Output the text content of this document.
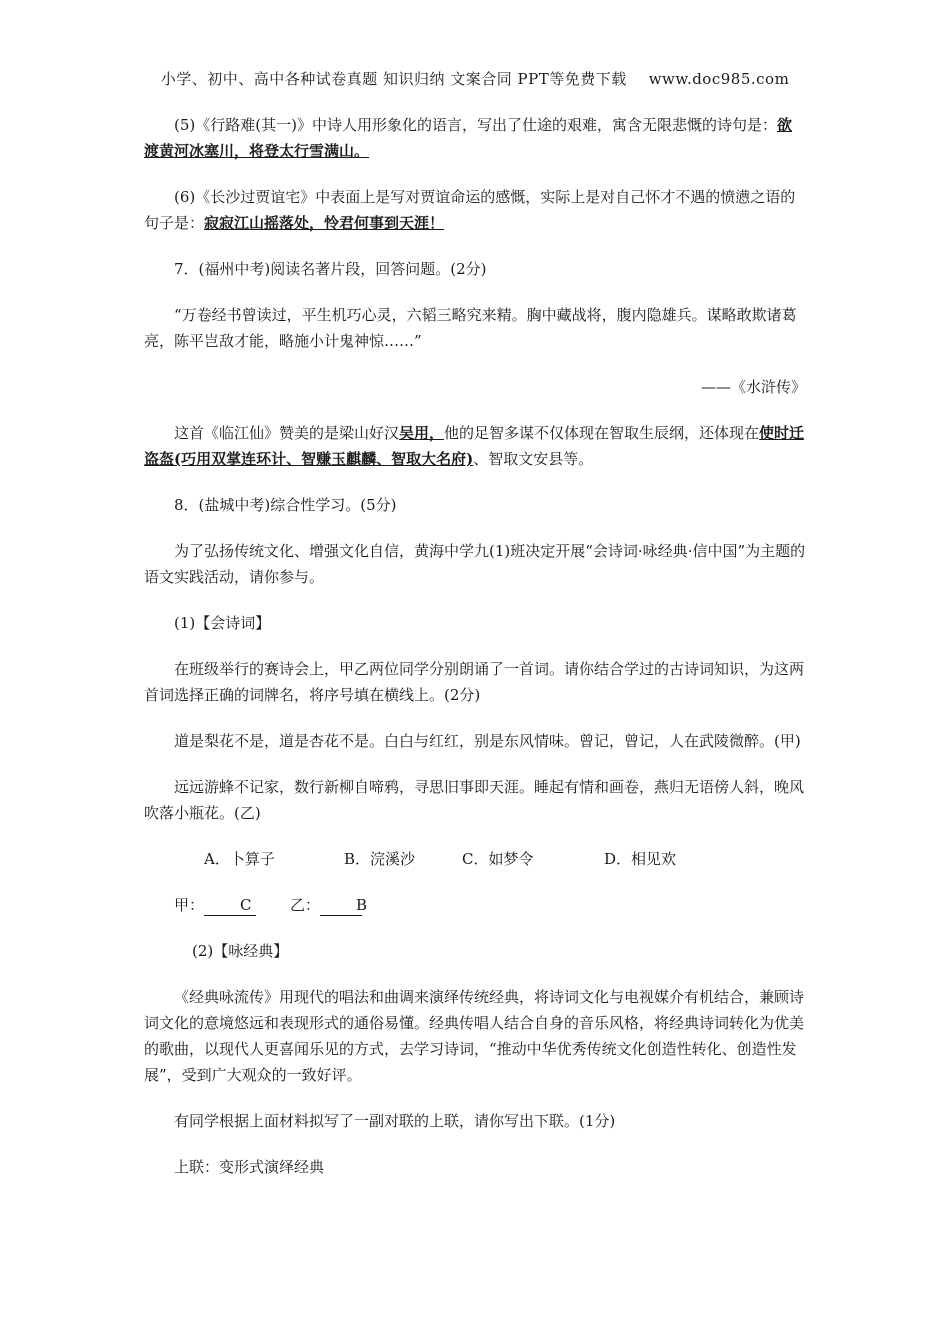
小学、初中、高中各种试卷真题 知识归纳 文案合同 PPT等免费下载 www.doc985.com

(5)《行路难(其一)》中诗人用形象化的语言，写出了仕途的艰难，寓含无限悲慨的诗句是：欲渡黄河冰塞川，将登太行雪满山。

(6)《长沙过贾谊宅》中表面上是写对贾谊命运的感慨，实际上是对自己怀才不遇的愤懑之语的句子是：寂寂江山摇落处，怜君何事到天涯！

7．(福州中考)阅读名著片段，回答问题。(2分)

“万卷经书曾读过，平生机巧心灵，六韬三略究来精。胸中藏战将，腹内隐雄兵。谋略敢欺诸葛亮，陈平岂敌才能，略施小计鬼神惊……”

——《水浒传》

这首《临江仙》赞美的是梁山好汉吴用，他的足智多谋不仅体现在智取生辰纲，还体现在使时迁盗盔(巧用双掌连环计、智赚玉麒麟、智取大名府)、智取文安县等。

8．(盐城中考)综合性学习。(5分)

为了弘扬传统文化、增强文化自信，黄海中学九(1)班决定开展“会诗词·咏经典·信中国”为主题的语文实践活动，请你参与。

(1)【会诗词】

在班级举行的赛诗会上，甲乙两位同学分别朗诵了一首词。请你结合学过的古诗词知识，为这两首词选择正确的词牌名，将序号填在横线上。(2分)

道是梨花不是，道是杏花不是。白白与红红，别是东风情味。曾记，曾记，人在武陵微醉。(甲)

远远游蜂不记家，数行新柳自啼鸦，寻思旧事即天涯。睡起有情和画卷，燕归无语傍人斜，晚风吹落小瓶花。(乙)

A．卜算子	B．浣溪沙	C．如梦令	D．相见欢

甲： C	乙： B

(2)【咏经典】

《经典咏流传》用现代的唱法和曲调来演绎传统经典，将诗词文化与电视媒介有机结合，兼顾诗词文化的意境悠远和表现形式的通俗易懂。经典传唱人结合自身的音乐风格，将经典诗词转化为优美的歌曲，以现代人更喜闻乐见的方式，去学习诗词，“推动中华优秀传统文化创造性转化、创造性发展”，受到广大观众的一致好评。

有同学根据上面材料拟写了一副对联的上联，请你写出下联。(1分)

上联：变形式演绎经典
